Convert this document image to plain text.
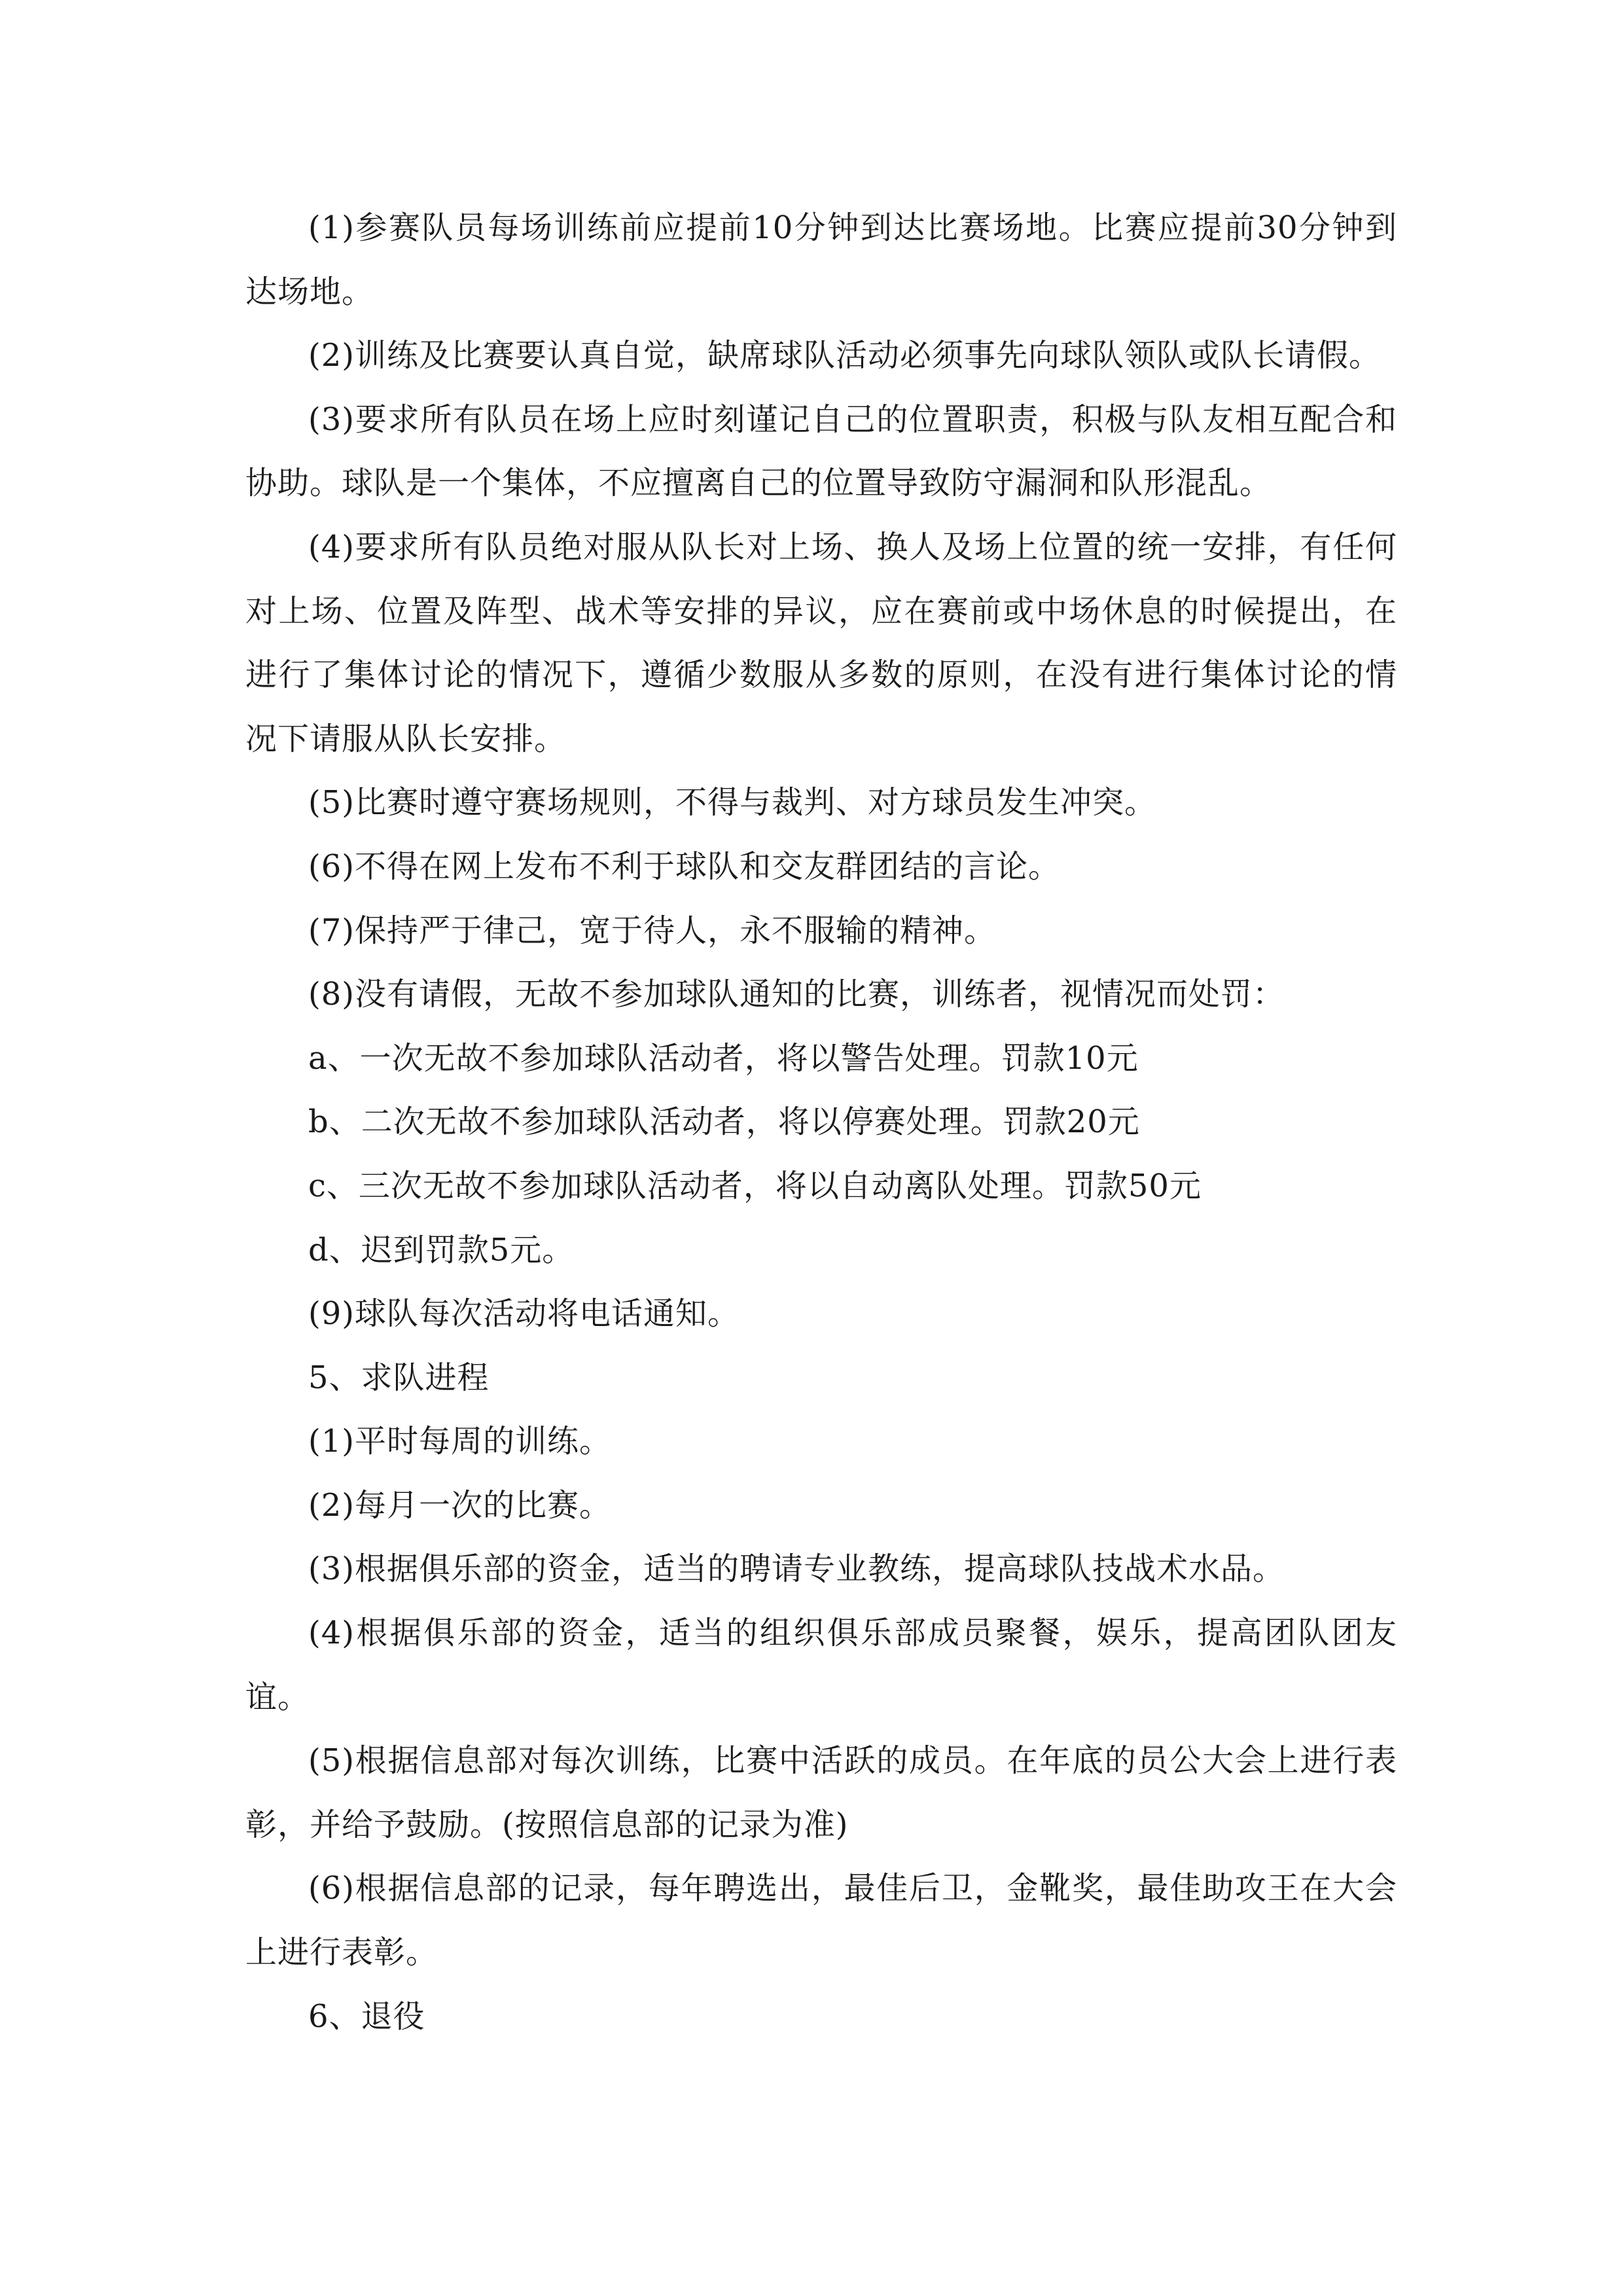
(1)参赛队员每场训练前应提前10分钟到达比赛场地。比赛应提前30分钟到达场地。

(2)训练及比赛要认真自觉，缺席球队活动必须事先向球队领队或队长请假。

(3)要求所有队员在场上应时刻谨记自己的位置职责，积极与队友相互配合和协助。球队是一个集体，不应擅离自己的位置导致防守漏洞和队形混乱。

(4)要求所有队员绝对服从队长对上场、换人及场上位置的统一安排，有任何对上场、位置及阵型、战术等安排的异议，应在赛前或中场休息的时候提出，在进行了集体讨论的情况下，遵循少数服从多数的原则，在没有进行集体讨论的情况下请服从队长安排。

(5)比赛时遵守赛场规则，不得与裁判、对方球员发生冲突。

(6)不得在网上发布不利于球队和交友群团结的言论。

(7)保持严于律己，宽于待人，永不服输的精神。

(8)没有请假，无故不参加球队通知的比赛，训练者，视情况而处罚：

a、一次无故不参加球队活动者，将以警告处理。罚款10元

b、二次无故不参加球队活动者，将以停赛处理。罚款20元

c、三次无故不参加球队活动者，将以自动离队处理。罚款50元

d、迟到罚款5元。

(9)球队每次活动将电话通知。

5、求队进程

(1)平时每周的训练。

(2)每月一次的比赛。

(3)根据俱乐部的资金，适当的聘请专业教练，提高球队技战术水品。

(4)根据俱乐部的资金，适当的组织俱乐部成员聚餐，娱乐，提高团队团友谊。

(5)根据信息部对每次训练，比赛中活跃的成员。在年底的员公大会上进行表彰，并给予鼓励。(按照信息部的记录为准)

(6)根据信息部的记录，每年聘选出，最佳后卫，金靴奖，最佳助攻王在大会上进行表彰。

6、退役
